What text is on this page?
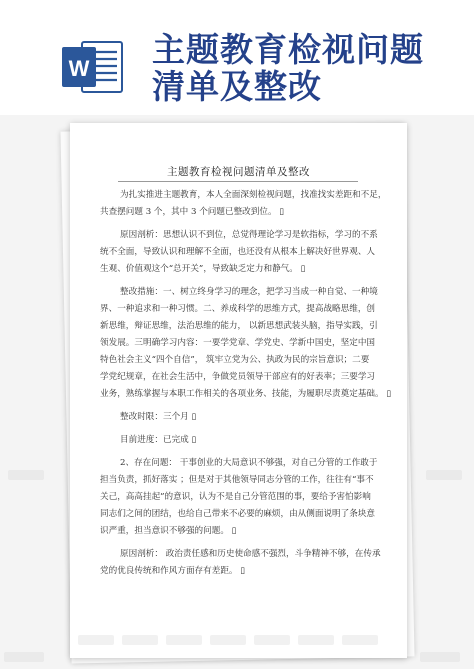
W 主题教育检视问题
清单及整改
主题教育检视问题清单及整改
为扎实推进主题教育，本人全面深刻检视问题，找准找实差距和不足，
共查摆问题 3 个，其中 3 个问题已整改到位。 ▯
原因剖析：思想认识不到位，总觉得理论学习是软指标，学习的不系
统不全面，导致认识和理解不全面，也还没有从根本上解决好世界观、人
生观、价值观这个“总开关”，导致缺乏定力和静气。 ▯
整改措施：一、树立终身学习的理念，把学习当成一种自觉、一种境
界、一种追求和一种习惯。二、养成科学的思维方式，提高战略思维，创
新思维，辩证思维，法治思维的能力， 以新思想武装头脑，指导实践，引
领发展。三明确学习内容：一要学党章、学党史、学新中国史，坚定中国
特色社会主义“四个自信”， 筑牢立党为公、执政为民的宗旨意识；二要
学党纪规章，在社会生活中，争做党员领导干部应有的好表率；三要学习
业务，熟练掌握与本职工作相关的各项业务、技能，为履职尽责奠定基础。 ▯
整改时限：三个月 ▯
目前进度：已完成 ▯
2、存在问题： 干事创业的大局意识不够强，对自己分管的工作敢于
担当负责，抓好落实 ；但是对于其他领导同志分管的工作，往往有“事不
关己，高高挂起”的意识，认为不是自己分管范围的事，要给予害怕影响
同志们之间的团结，也给自己带来不必要的麻烦，由从侧面说明了条块意
识严重，担当意识不够强的问题。 ▯
原因剖析： 政治责任感和历史使命感不强烈，斗争精神不够，在传承
党的优良传统和作风方面存有差距。 ▯
